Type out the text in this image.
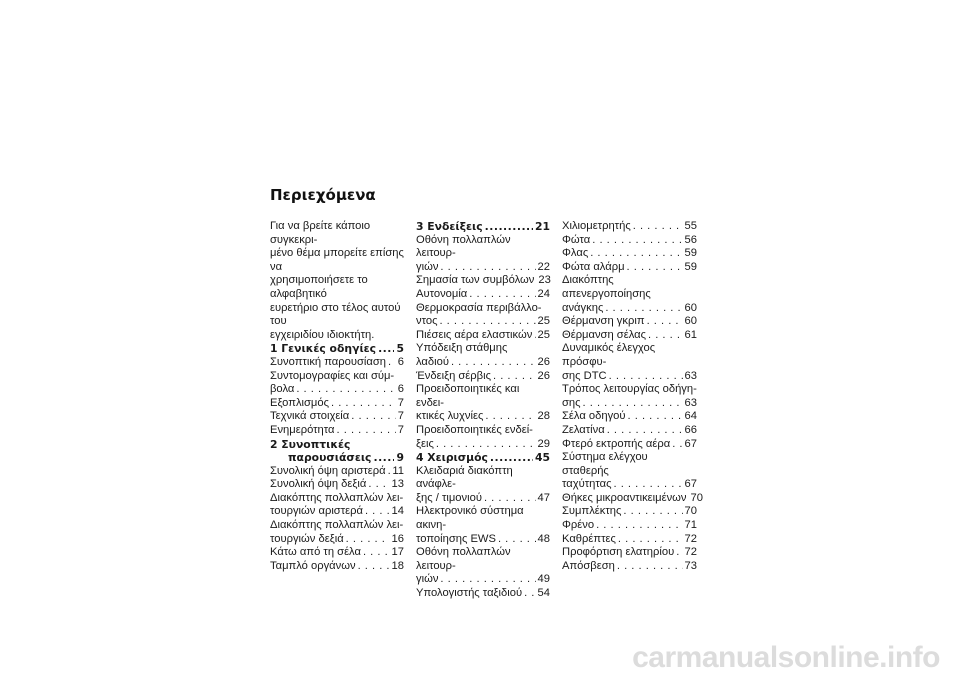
Περιεχόμενα

Για να βρείτε κάποιο συγκεκρι-
μένο θέμα μπορείτε επίσης να
χρησιμοποιήσετε το αλφαβητικό
ευρετήριο στο τέλος αυτού του
εγχειριδίου ιδιοκτήτη.

1 Γενικές οδηγίες ..... 5
Συνοπτική παρουσίαση . . . 6
Συντομογραφίες και σύμ-
βολα . . .	6
Εξοπλισμός . . .	7
Τεχνικά στοιχεία . . .	7
Ενημερότητα . . .	7
2 Συνοπτικές
παρουσιάσεις ..... 9
Συνολική όψη αριστερά . . . 11
Συνολική όψη δεξιά . . . 13
Διακόπτης πολλαπλών λει-
τουργιών αριστερά . . .	14
Διακόπτης πολλαπλών λει-
τουργιών δεξιά . . .	16
Κάτω από τη σέλα . . .	17
Ταμπλό οργάνων . . .	18
3 Ενδείξεις .....	21
Οθόνη πολλαπλών λειτουρ-
γιών . . .	22
Σημασία των συμβόλων 23
Αυτονομία . . .	24
Θερμοκρασία περιβάλλο-
ντος . . .	25
Πιέσεις αέρα ελαστικών . . . 25
Υπόδειξη στάθμης
λαδιού . . .	26
Ένδειξη σέρβις . . .	26
Προειδοποιητικές και ενδει-
κτικές λυχνίες . . .	28
Προειδοποιητικές ενδεί-
ξεις . . .	29
4 Χειρισμός .....	45
Κλειδαριά διακόπτη ανάφλε-
ξης / τιμονιού . . .	47
Ηλεκτρονικό σύστημα ακινη-
τοποίησης EWS . . .	48
Οθόνη πολλαπλών λειτουρ-
γιών . . .	49
Υπολογιστής ταξιδιού . . . 54
Χιλιομετρητής . . .	55
Φώτα . . .	56
Φλας . . .	59
Φώτα αλάρμ . . .	59
Διακόπτης απενεργοποίησης
ανάγκης . . .	60
Θέρμανση γκριπ . . .	60
Θέρμανση σέλας . . .	61
Δυναμικός έλεγχος πρόσφυ-
σης DTC . . .	63
Τρόπος λειτουργίας οδήγη-
σης . . .	63
Σέλα οδηγού . . .	64
Ζελατίνα . . .	66
Φτερό εκτροπής αέρα . . . 67
Σύστημα ελέγχου σταθερής
ταχύτητας . . .	67
Θήκες μικροαντικειμένων 70
Συμπλέκτης . . .	70
Φρένο . . .	71
Καθρέπτες . . .	72
Προφόρτιση ελατηρίου . . . 72
Απόσβεση . . .	73
carmanualsonline.info
